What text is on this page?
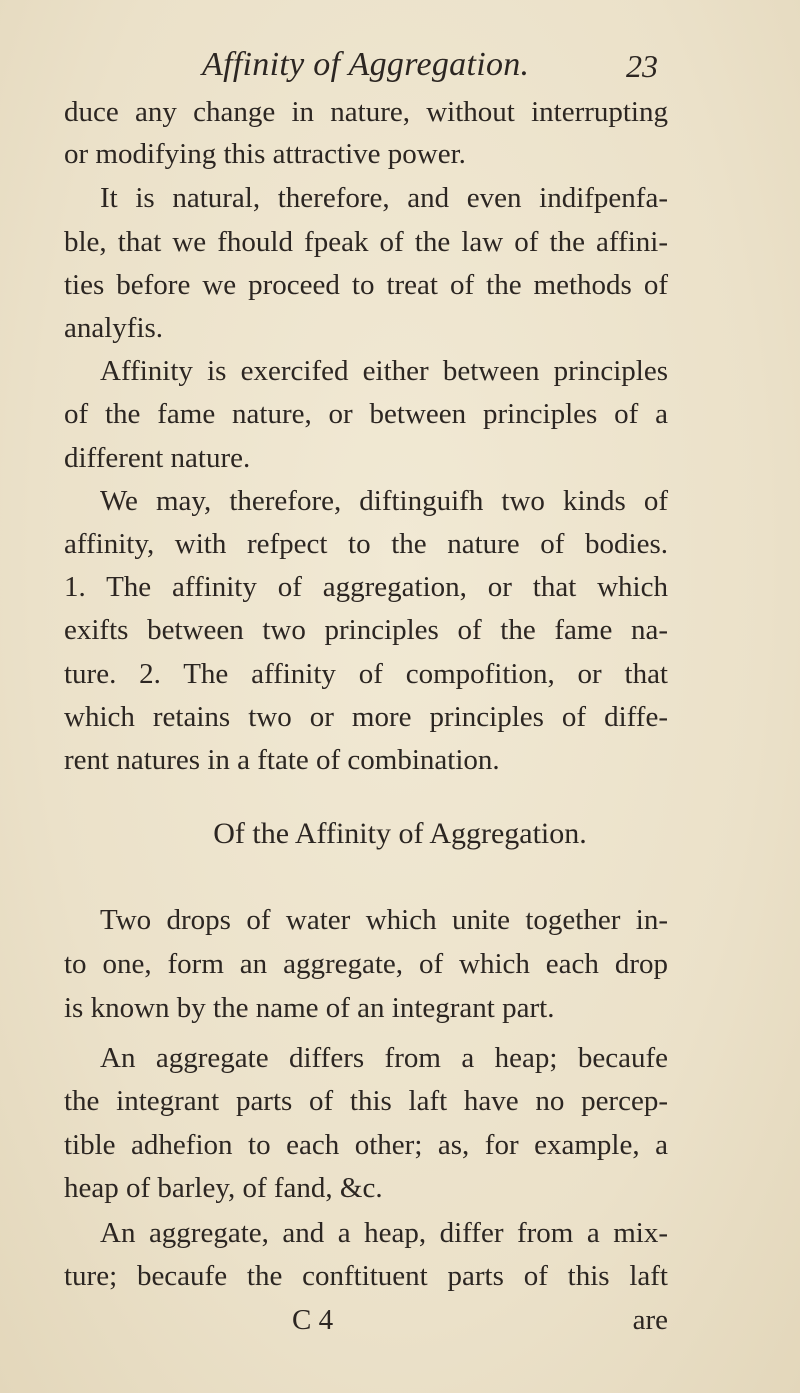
Affinity of Aggregation.	23
duce any change in nature, without interrupting
or modifying this attractive power.
It is natural, therefore, and even indifpenfa-
ble, that we fhould fpeak of the law of the affini-
ties before we proceed to treat of the methods of
analyfis.
Affinity is exercifed either between principles
of the fame nature, or between principles of a
different nature.
We may, therefore, diftinguifh two kinds of
affinity, with refpect to the nature of bodies.
1. The affinity of aggregation, or that which
exifts between two principles of the fame na-
ture. 2. The affinity of compofition, or that
which retains two or more principles of diffe-
rent natures in a ftate of combination.
Of the Affinity of Aggregation.
Two drops of water which unite together in-
to one, form an aggregate, of which each drop
is known by the name of an integrant part.
An aggregate differs from a heap; becaufe
the integrant parts of this laft have no percep-
tible adhefion to each other; as, for example, a
heap of barley, of fand, &c.
An aggregate, and a heap, differ from a mix-
ture; becaufe the conftituent parts of this laft
C 4	are
